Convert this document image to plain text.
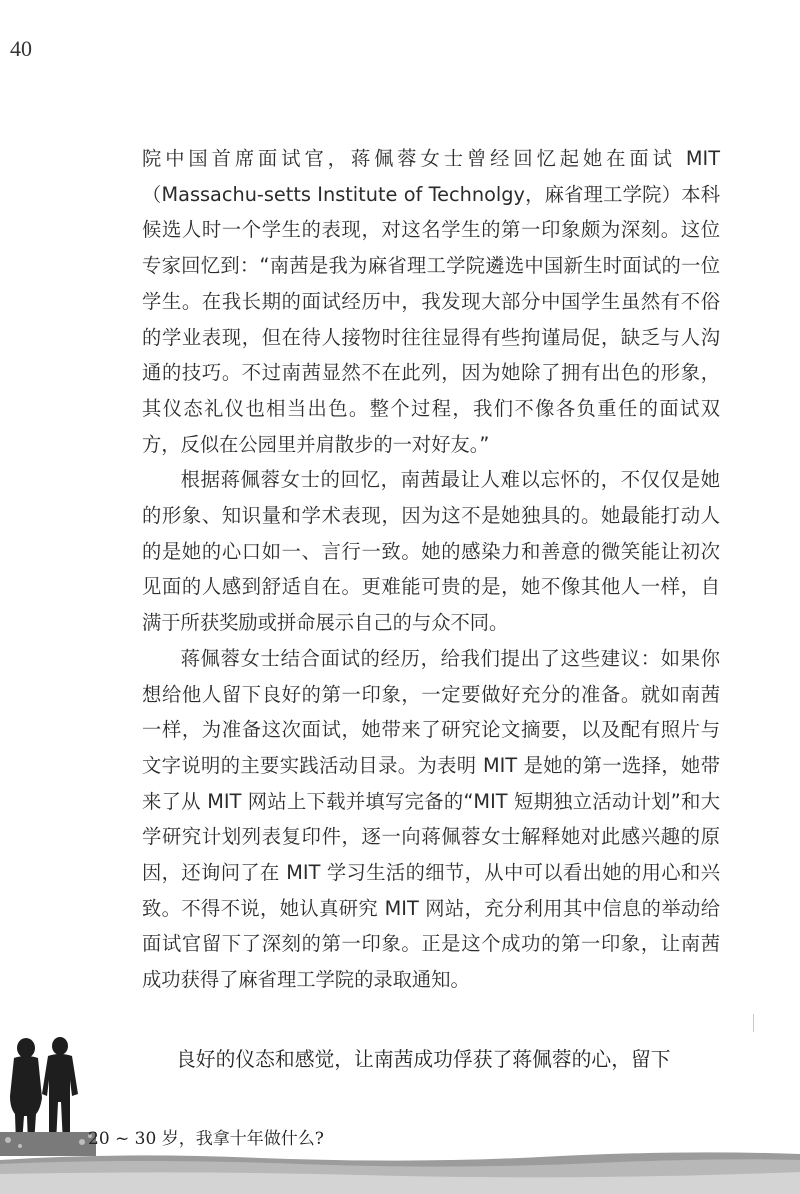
40

院中国首席面试官，蒋佩蓉女士曾经回忆起她在面试 MIT（Massachu-setts Institute of Technolgy，麻省理工学院）本科候选人时一个学生的表现，对这名学生的第一印象颇为深刻。这位专家回忆到：“南茜是我为麻省理工学院遴选中国新生时面试的一位学生。在我长期的面试经历中，我发现大部分中国学生虽然有不俗的学业表现，但在待人接物时往往显得有些拘谨局促，缺乏与人沟通的技巧。不过南茜显然不在此列，因为她除了拥有出色的形象，其仪态礼仪也相当出色。整个过程，我们不像各负重任的面试双方，反似在公园里并肩散步的一对好友。”

根据蒋佩蓉女士的回忆，南茜最让人难以忘怀的，不仅仅是她的形象、知识量和学术表现，因为这不是她独具的。她最能打动人的是她的心口如一、言行一致。她的感染力和善意的微笑能让初次见面的人感到舒适自在。更难能可贵的是，她不像其他人一样，自满于所获奖励或拼命展示自己的与众不同。

蒋佩蓉女士结合面试的经历，给我们提出了这些建议：如果你想给他人留下良好的第一印象，一定要做好充分的准备。就如南茜一样，为准备这次面试，她带来了研究论文摘要，以及配有照片与文字说明的主要实践活动目录。为表明 MIT 是她的第一选择，她带来了从 MIT 网站上下载并填写完备的“MIT 短期独立活动计划”和大学研究计划列表复印件，逐一向蒋佩蓉女士解释她对此感兴趣的原因，还询问了在 MIT 学习生活的细节，从中可以看出她的用心和兴致。不得不说，她认真研究 MIT 网站，充分利用其中信息的举动给面试官留下了深刻的第一印象。正是这个成功的第一印象，让南茜成功获得了麻省理工学院的录取通知。

良好的仪态和感觉，让南茜成功俘获了蒋佩蓉的心，留下
20 ~ 30 岁，我拿十年做什么?
